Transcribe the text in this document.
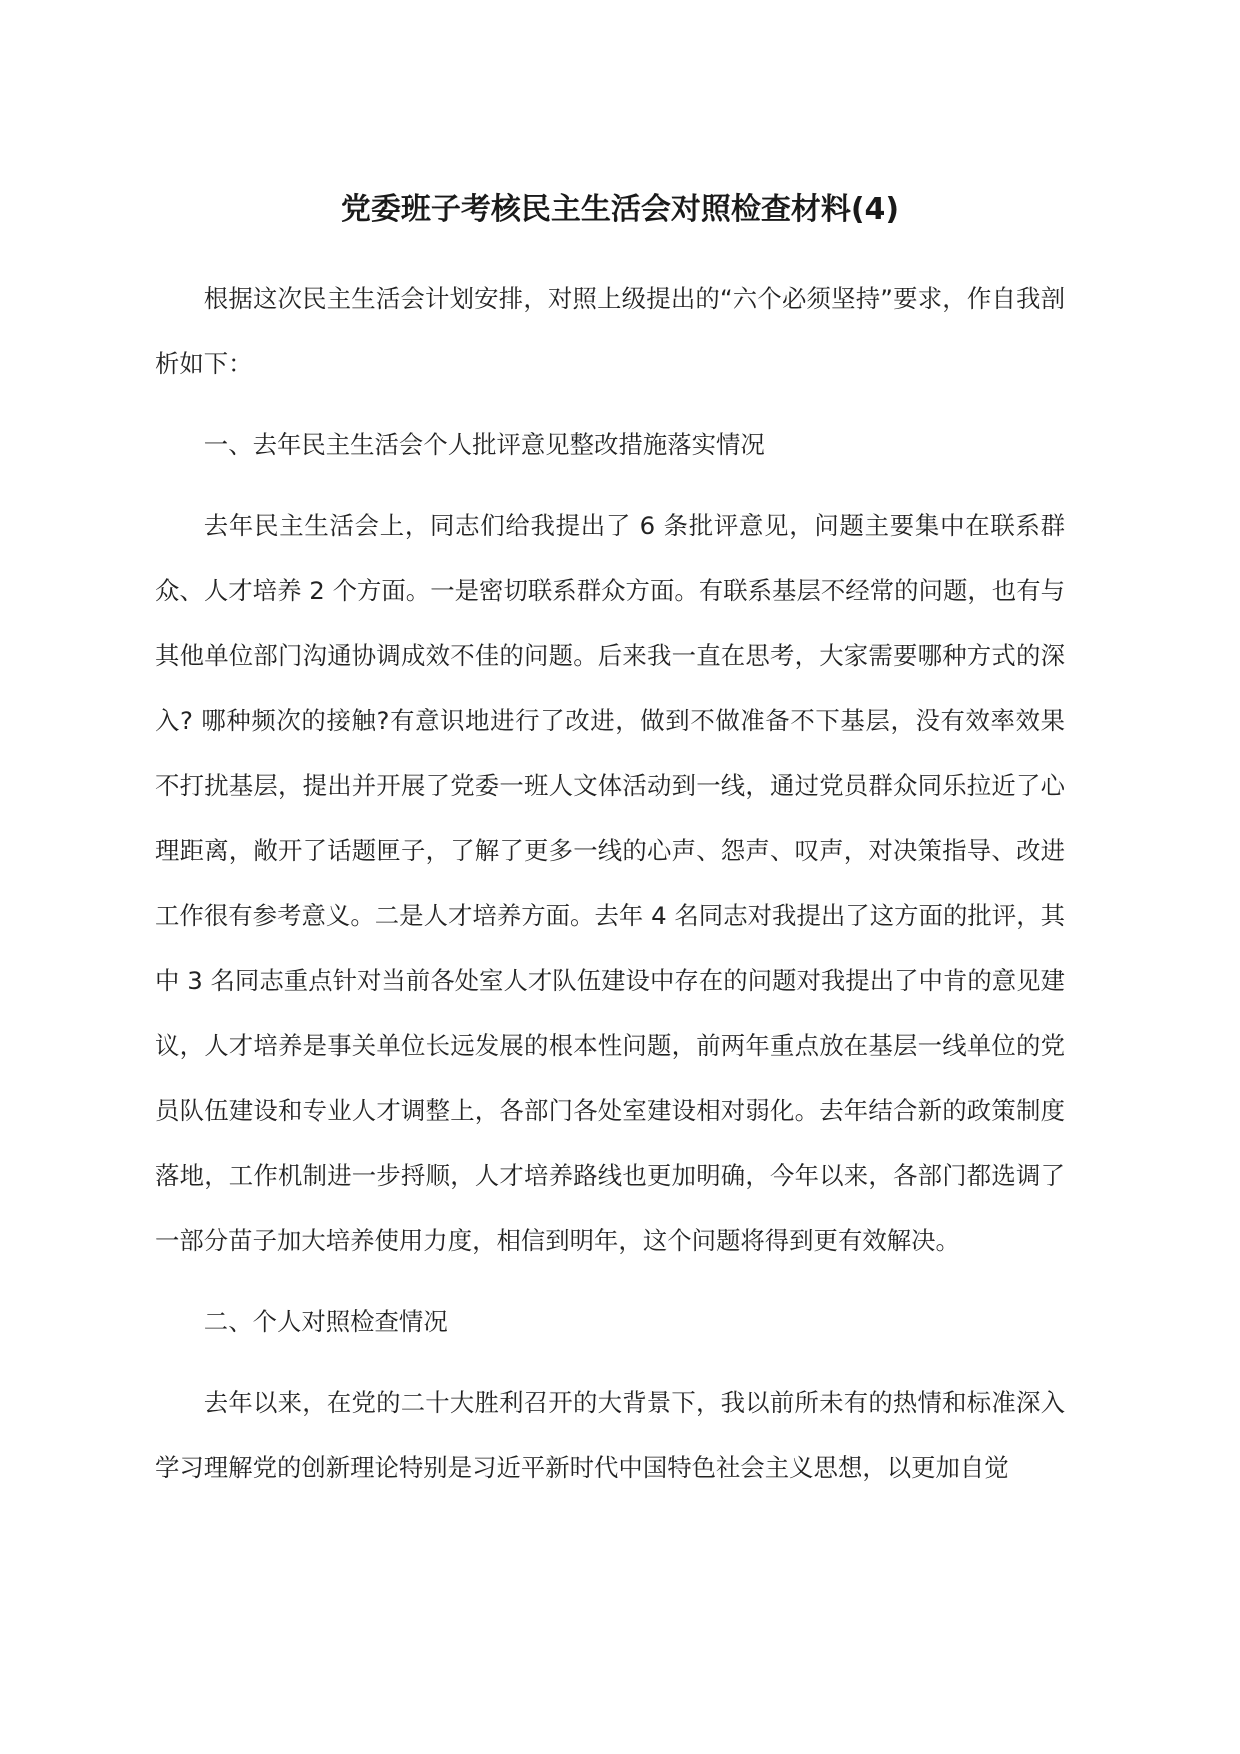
党委班子考核民主生活会对照检查材料(4)

根据这次民主生活会计划安排，对照上级提出的“六个必须坚持”要求，作自我剖析如下：

一、去年民主生活会个人批评意见整改措施落实情况

去年民主生活会上，同志们给我提出了 6 条批评意见，问题主要集中在联系群众、人才培养 2 个方面。一是密切联系群众方面。有联系基层不经常的问题，也有与其他单位部门沟通协调成效不佳的问题。后来我一直在思考，大家需要哪种方式的深入? 哪种频次的接触?有意识地进行了改进，做到不做准备不下基层，没有效率效果不打扰基层，提出并开展了党委一班人文体活动到一线，通过党员群众同乐拉近了心理距离，敞开了话题匣子，了解了更多一线的心声、怨声、叹声，对决策指导、改进工作很有参考意义。二是人才培养方面。去年 4 名同志对我提出了这方面的批评，其中 3 名同志重点针对当前各处室人才队伍建设中存在的问题对我提出了中肯的意见建议，人才培养是事关单位长远发展的根本性问题，前两年重点放在基层一线单位的党员队伍建设和专业人才调整上，各部门各处室建设相对弱化。去年结合新的政策制度落地，工作机制进一步捋顺，人才培养路线也更加明确，今年以来，各部门都选调了一部分苗子加大培养使用力度，相信到明年，这个问题将得到更有效解决。

二、个人对照检查情况

去年以来，在党的二十大胜利召开的大背景下，我以前所未有的热情和标准深入学习理解党的创新理论特别是习近平新时代中国特色社会主义思想，以更加自觉
